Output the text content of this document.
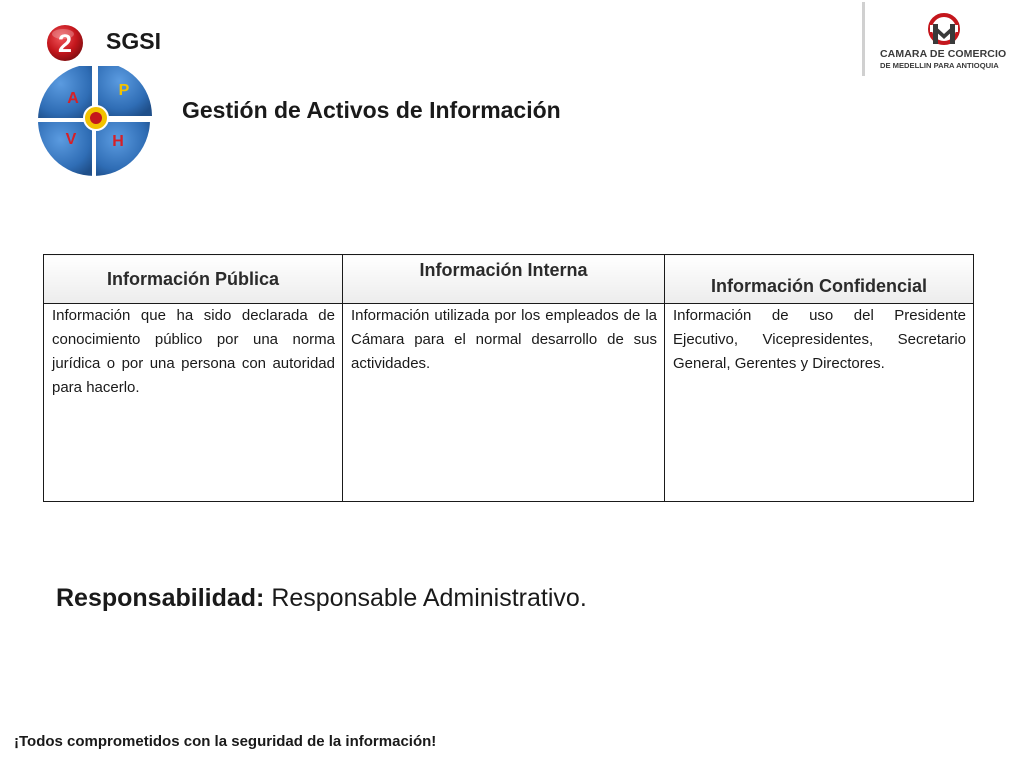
2 SGSI
A P
V H
Gestión de Activos de Información
CAMARA DE COMERCIO
DE MEDELLIN PARA ANTIOQUIA
Información Pública	Información Interna	Información Confidencial
Información que ha sido declarada de conocimiento público por una norma jurídica o por una persona con autoridad para hacerlo.	Información utilizada por los empleados de la Cámara para el normal desarrollo de sus actividades.	Información de uso del Presidente Ejecutivo, Vicepresidentes, Secretario General, Gerentes y Directores.
Responsabilidad: Responsable Administrativo.
¡Todos comprometidos con la seguridad de la información!
